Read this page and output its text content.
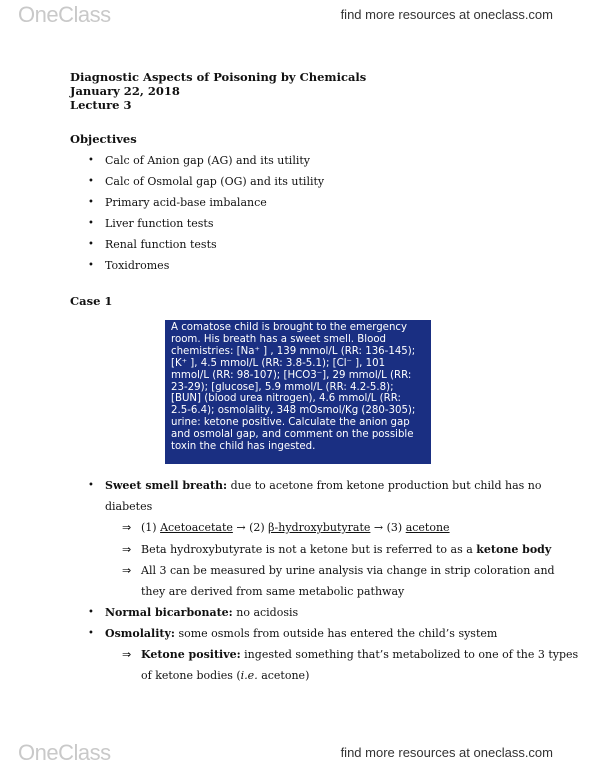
OneClass	find more resources at oneclass.com
Diagnostic Aspects of Poisoning by Chemicals
January 22, 2018
Lecture 3
Objectives
• Calc of Anion gap (AG) and its utility
• Calc of Osmolal gap (OG) and its utility
• Primary acid-base imbalance
• Liver function tests
• Renal function tests
• Toxidromes
Case 1
A comatose child is brought to the emergency
room. His breath has a sweet smell. Blood
chemistries: [Na⁺ ] , 139 mmol/L (RR: 136-145);
[K⁺ ], 4.5 mmol/L (RR: 3.8-5.1); [Cl⁻ ], 101
mmol/L (RR: 98-107); [HCO3⁻], 29 mmol/L (RR:
23-29); [glucose], 5.9 mmol/L (RR: 4.2-5.8);
[BUN] (blood urea nitrogen), 4.6 mmol/L (RR:
2.5-6.4); osmolality, 348 mOsmol/Kg (280-305);
urine: ketone positive. Calculate the anion gap
and osmolal gap, and comment on the possible
toxin the child has ingested.
• Sweet smell breath: due to acetone from ketone production but child has no
diabetes
⇒ (1) Acetoacetate → (2) β-hydroxybutyrate → (3) acetone
⇒ Beta hydroxybutyrate is not a ketone but is referred to as a ketone body
⇒ All 3 can be measured by urine analysis via change in strip coloration and
they are derived from same metabolic pathway
• Normal bicarbonate: no acidosis
• Osmolality: some osmols from outside has entered the child’s system
⇒ Ketone positive: ingested something that’s metabolized to one of the 3 types
of ketone bodies (i.e. acetone)
OneClass	find more resources at oneclass.com
